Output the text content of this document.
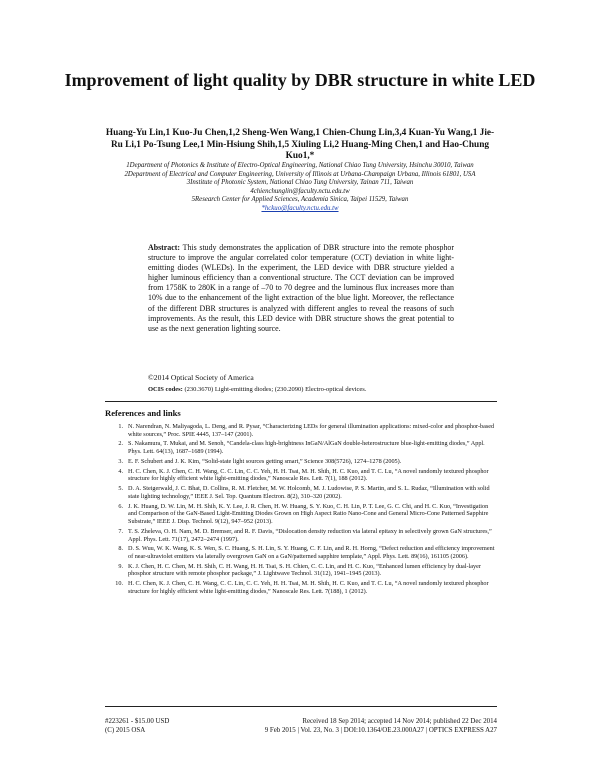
Improvement of light quality by DBR structure in white LED
Huang-Yu Lin,1 Kuo-Ju Chen,1,2 Sheng-Wen Wang,1 Chien-Chung Lin,3,4 Kuan-Yu Wang,1 Jie-Ru Li,1 Po-Tsung Lee,1 Min-Hsiung Shih,1,5 Xiuling Li,2 Huang-Ming Chen,1 and Hao-Chung Kuo1,*
1Department of Photonics & Institute of Electro-Optical Engineering, National Chiao Tung University, Hsinchu 30010, Taiwan
2Department of Electrical and Computer Engineering, University of Illinois at Urbana-Champaign Urbana, Illinois 61801, USA
3Institute of Photonic System, National Chiao Tung University, Tainan 711, Taiwan
4chienchunglin@faculty.nctu.edu.tw
5Research Center for Applied Sciences, Academia Sinica, Taipei 11529, Taiwan
*hckuo@faculty.nctu.edu.tw
Abstract: This study demonstrates the application of DBR structure into the remote phosphor structure to improve the angular correlated color temperature (CCT) deviation in white light-emitting diodes (WLEDs). In the experiment, the LED device with DBR structure yielded a higher luminous efficiency than a conventional structure. The CCT deviation can be improved from 1758K to 280K in a range of –70 to 70 degree and the luminous flux increases more than 10% due to the enhancement of the light extraction of the blue light. Moreover, the reflectance of the different DBR structures is analyzed with different angles to reveal the reasons of such improvements. As the result, this LED device with DBR structure shows the great potential to use as the next generation lighting source.
©2014 Optical Society of America
OCIS codes: (230.3670) Light-emitting diodes; (230.2090) Electro-optical devices.
References and links
1. N. Narendran, N. Maliyagoda, L. Deng, and R. Pysar, “Characterizing LEDs for general illumination applications: mixed-color and phosphor-based white sources,” Proc. SPIE 4445, 137–147 (2001).
2. S. Nakamura, T. Mukai, and M. Senoh, “Candela-class high-brightness InGaN/AlGaN double-heterostructure blue-light-emitting diodes,” Appl. Phys. Lett. 64(13), 1687–1689 (1994).
3. E. F. Schubert and J. K. Kim, “Solid-state light sources getting smart,” Science 308(5726), 1274–1278 (2005).
4. H. C. Chen, K. J. Chen, C. H. Wang, C. C. Lin, C. C. Yeh, H. H. Tsai, M. H. Shih, H. C. Kuo, and T. C. Lu, “A novel randomly textured phosphor structure for highly efficient white light-emitting diodes,” Nanoscale Res. Lett. 7(1), 188 (2012).
5. D. A. Steigerwald, J. C. Bhat, D. Collins, R. M. Fletcher, M. W. Holcomb, M. J. Ludowise, P. S. Martin, and S. L. Rudaz, “Illumination with solid state lighting technology,” IEEE J. Sel. Top. Quantum Electron. 8(2), 310–320 (2002).
6. J. K. Huang, D. W. Lin, M. H. Shih, K. Y. Lee, J. R. Chen, H. W. Huang, S. Y. Kuo, C. H. Lin, P. T. Lee, G. C. Chi, and H. C. Kuo, “Investigation and Comparison of the GaN-Based Light-Emitting Diodes Grown on High Aspect Ratio Nano-Cone and General Micro-Cone Patterned Sapphire Substrate,” IEEE J. Disp. Technol. 9(12), 947–952 (2013).
7. T. S. Zheleva, O. H. Nam, M. D. Bremser, and R. F. Davis, “Dislocation density reduction via lateral epitaxy in selectively grown GaN structures,” Appl. Phys. Lett. 71(17), 2472–2474 (1997).
8. D. S. Wuu, W. K. Wang, K. S. Wen, S. C. Huang, S. H. Lin, S. Y. Huang, C. F. Lin, and R. H. Horng, “Defect reduction and efficiency improvement of near-ultraviolet emitters via laterally overgrown GaN on a GaN/patterned sapphire template,” Appl. Phys. Lett. 89(16), 161105 (2006).
9. K. J. Chen, H. C. Chen, M. H. Shih, C. H. Wang, H. H. Tsai, S. H. Chien, C. C. Lin, and H. C. Kuo, “Enhanced lumen efficiency by dual-layer phosphor structure with remote phosphor package,” J. Lightwave Technol. 31(12), 1941–1945 (2013).
10. H. C. Chen, K. J. Chen, C. H. Wang, C. C. Lin, C. C. Yeh, H. H. Tsai, M. H. Shih, H. C. Kuo, and T. C. Lu, “A novel randomly textured phosphor structure for highly efficient white light-emitting diodes,” Nanoscale Res. Lett. 7(188), 1 (2012).
#223261 - $15.00 USD
(C) 2015 OSA
Received 18 Sep 2014; accepted 14 Nov 2014; published 22 Dec 2014
9 Feb 2015 | Vol. 23, No. 3 | DOI:10.1364/OE.23.000A27 | OPTICS EXPRESS A27
